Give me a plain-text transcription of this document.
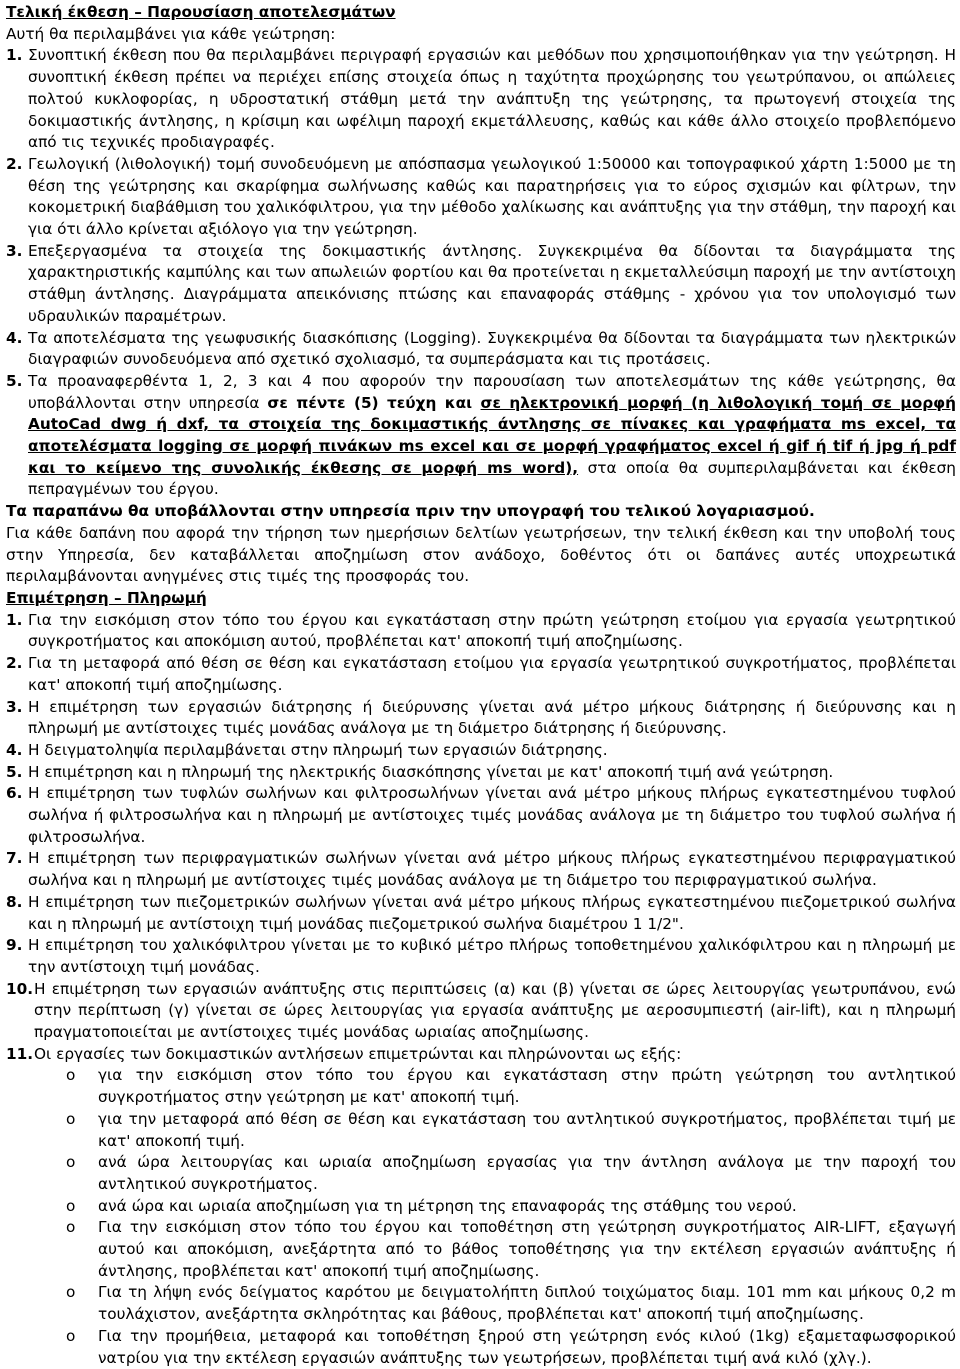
Τελική έκθεση – Παρουσίαση αποτελεσμάτων
Αυτή θα περιλαμβάνει για κάθε γεώτρηση:
1. Συνοπτική έκθεση που θα περιλαμβάνει περιγραφή εργασιών και μεθόδων που χρησιμοποιήθηκαν για την γεώτρηση. Η συνοπτική έκθεση πρέπει να περιέχει επίσης στοιχεία όπως η ταχύτητα προχώρησης του γεωτρύπανου, οι απώλειες πολτού κυκλοφορίας, η υδροστατική στάθμη μετά την ανάπτυξη της γεώτρησης, τα πρωτογενή στοιχεία της δοκιμαστικής άντλησης, η κρίσιμη και ωφέλιμη παροχή εκμετάλλευσης, καθώς και κάθε άλλο στοιχείο προβλεπόμενο από τις τεχνικές προδιαγραφές.
2. Γεωλογική (λιθολογική) τομή συνοδευόμενη με απόσπασμα γεωλογικού 1:50000 και τοπογραφικού χάρτη 1:5000 με τη θέση της γεώτρησης και σκαρίφημα σωλήνωσης καθώς και παρατηρήσεις για το εύρος σχισμών και φίλτρων, την κοκομετρική διαβάθμιση του χαλικόφιλτρου, για την μέθοδο χαλίκωσης και ανάπτυξης για την στάθμη, την παροχή και για ότι άλλο κρίνεται αξιόλογο για την γεώτρηση.
3. Επεξεργασμένα τα στοιχεία της δοκιμαστικής άντλησης. Συγκεκριμένα θα δίδονται τα διαγράμματα της χαρακτηριστικής καμπύλης και των απωλειών φορτίου και θα προτείνεται η εκμεταλλεύσιμη παροχή με την αντίστοιχη στάθμη άντλησης. Διαγράμματα απεικόνισης πτώσης και επαναφοράς στάθμης - χρόνου για τον υπολογισμό των υδραυλικών παραμέτρων.
4. Τα αποτελέσματα της γεωφυσικής διασκόπισης (Logging). Συγκεκριμένα θα δίδονται τα διαγράμματα των ηλεκτρικών διαγραφιών συνοδευόμενα από σχετικό σχολιασμό, τα συμπεράσματα και τις προτάσεις.
5. Τα προαναφερθέντα 1, 2, 3 και 4 που αφορούν την παρουσίαση των αποτελεσμάτων της κάθε γεώτρησης, θα υποβάλλονται στην υπηρεσία σε πέντε (5) τεύχη και σε ηλεκτρονική μορφή (η λιθολογική τομή σε μορφή AutoCad dwg ή dxf, τα στοιχεία της δοκιμαστικής άντλησης σε πίνακες και γραφήματα ms excel, τα αποτελέσματα logging σε μορφή πινάκων ms excel και σε μορφή γραφήματος excel ή gif ή tif ή jpg ή pdf και το κείμενο της συνολικής έκθεσης σε μορφή ms word), στα οποία θα συμπεριλαμβάνεται και έκθεση πεπραγμένων του έργου.
Τα παραπάνω θα υποβάλλονται στην υπηρεσία πριν την υπογραφή του τελικού λογαριασμού.
Για κάθε δαπάνη που αφορά την τήρηση των ημερήσιων δελτίων γεωτρήσεων, την τελική έκθεση και την υποβολή τους στην Υπηρεσία, δεν καταβάλλεται αποζημίωση στον ανάδοχο, δοθέντος ότι οι δαπάνες αυτές υποχρεωτικά περιλαμβάνονται ανηγμένες στις τιμές της προσφοράς του.
Επιμέτρηση – Πληρωμή
1. Για την εισκόμιση στον τόπο του έργου και εγκατάσταση στην πρώτη γεώτρηση ετοίμου για εργασία γεωτρητικού συγκροτήματος και αποκόμιση αυτού, προβλέπεται κατ' αποκοπή τιμή αποζημίωσης.
2. Για τη μεταφορά από θέση σε θέση και εγκατάσταση ετοίμου για εργασία γεωτρητικού συγκροτήματος, προβλέπεται κατ' αποκοπή τιμή αποζημίωσης.
3. Η επιμέτρηση των εργασιών διάτρησης ή διεύρυνσης γίνεται ανά μέτρο μήκους διάτρησης ή διεύρυνσης και η πληρωμή με αντίστοιχες τιμές μονάδας ανάλογα με τη διάμετρο διάτρησης ή διεύρυνσης.
4. Η δειγματοληψία περιλαμβάνεται στην πληρωμή των εργασιών διάτρησης.
5. Η επιμέτρηση και η πληρωμή της ηλεκτρικής διασκόπησης γίνεται με κατ' αποκοπή τιμή ανά γεώτρηση.
6. Η επιμέτρηση των τυφλών σωλήνων και φιλτροσωλήνων γίνεται ανά μέτρο μήκους πλήρως εγκατεστημένου τυφλού σωλήνα ή φιλτροσωλήνα και η πληρωμή με αντίστοιχες τιμές μονάδας ανάλογα με τη διάμετρο του τυφλού σωλήνα ή φιλτροσωλήνα.
7. Η επιμέτρηση των περιφραγματικών σωλήνων γίνεται ανά μέτρο μήκους πλήρως εγκατεστημένου περιφραγματικού σωλήνα και η πληρωμή με αντίστοιχες τιμές μονάδας ανάλογα με τη διάμετρο του περιφραγματικού σωλήνα.
8. Η επιμέτρηση των πιεζομετρικών σωλήνων γίνεται ανά μέτρο μήκους πλήρως εγκατεστημένου πιεζομετρικού σωλήνα και η πληρωμή με αντίστοιχη τιμή μονάδας πιεζομετρικού σωλήνα διαμέτρου 1 1/2".
9. Η επιμέτρηση του χαλικόφιλτρου γίνεται με το κυβικό μέτρο πλήρως τοποθετημένου χαλικόφιλτρου και η πληρωμή με την αντίστοιχη τιμή μονάδας.
10. Η επιμέτρηση των εργασιών ανάπτυξης στις περιπτώσεις (α) και (β) γίνεται σε ώρες λειτουργίας γεωτρυπάνου, ενώ στην περίπτωση (γ) γίνεται σε ώρες λειτουργίας για εργασία ανάπτυξης με αεροσυμπιεστή (air-lift), και η πληρωμή πραγματοποιείται με αντίστοιχες τιμές μονάδας ωριαίας αποζημίωσης.
11. Οι εργασίες των δοκιμαστικών αντλήσεων επιμετρώνται και πληρώνονται ως εξής:
o	για την εισκόμιση στον τόπο του έργου και εγκατάσταση στην πρώτη γεώτρηση του αντλητικού συγκροτήματος στην γεώτρηση με κατ' αποκοπή τιμή.
o	για την μεταφορά από θέση σε θέση και εγκατάσταση του αντλητικού συγκροτήματος, προβλέπεται τιμή με κατ' αποκοπή τιμή.
o	ανά ώρα λειτουργίας και ωριαία αποζημίωση εργασίας για την άντληση ανάλογα με την παροχή του αντλητικού συγκροτήματος.
o	ανά ώρα και ωριαία αποζημίωση για τη μέτρηση της επαναφοράς της στάθμης του νερού.
o	Για την εισκόμιση στον τόπο του έργου και τοποθέτηση στη γεώτρηση συγκροτήματος AIR-LIFT, εξαγωγή αυτού και αποκόμιση, ανεξάρτητα από το βάθος τοποθέτησης για την εκτέλεση εργασιών ανάπτυξης ή άντλησης, προβλέπεται κατ' αποκοπή τιμή αποζημίωσης.
o	Για τη λήψη ενός δείγματος καρότου με δειγματολήπτη διπλού τοιχώματος διαμ. 101 mm και μήκους 0,2 m τουλάχιστον, ανεξάρτητα σκληρότητας και βάθους, προβλέπεται κατ' αποκοπή τιμή αποζημίωσης.
o	Για την προμήθεια, μεταφορά και τοποθέτηση ξηρού στη γεώτρηση ενός κιλού (1kg) εξαμεταφωσφορικού νατρίου για την εκτέλεση εργασιών ανάπτυξης των γεωτρήσεων, προβλέπεται τιμή ανά κιλό (χλγ.).
